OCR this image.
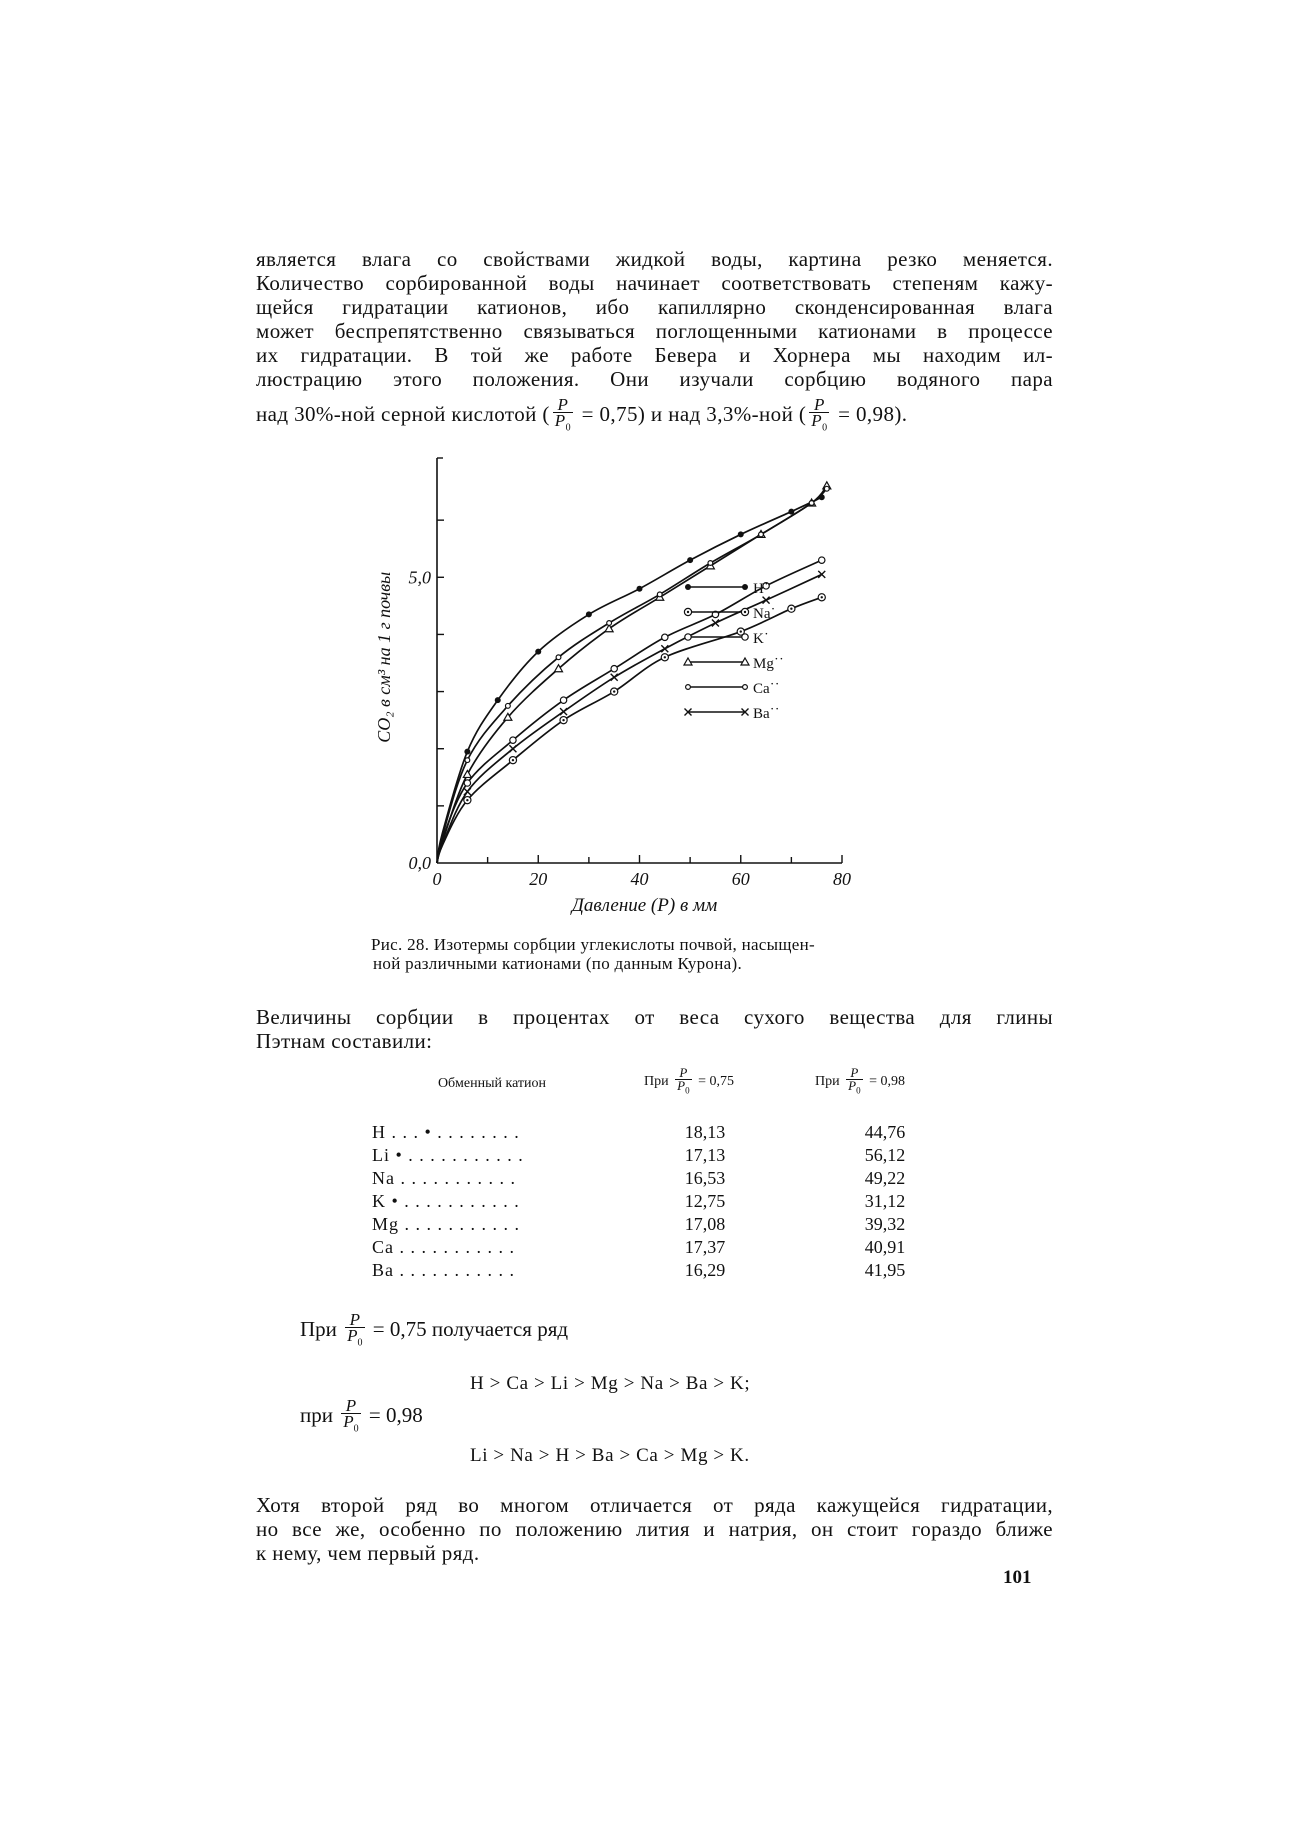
является влага со свойствами жидкой воды, картина резко меняется.
Количество сорбированной воды начинает соответствовать степеням кажу-
щейся гидратации катионов, ибо капиллярно сконденсированная влага
может беспрепятственно связываться поглощенными катионами в процессе
их гидратации. В той же работе Бевера и Хорнера мы находим ил-
люстрацию этого положения. Они изучали сорбцию водяного пара
над 30%-ной серной кислотой ( $\frac{P}{P_0} = 0,75$) и над 3,3%-ной ( $\frac{P}{P_0} = 0,98$).

0	20	40	60	80
0,0
5,0
Давление (P) в мм
CO₂ в см³ на 1 г почвы	H˙
Na˙
K˙
Mg˙˙
Ca˙˙
Ba˙˙

Рис. 28. Изотермы сорбции углекислоты почвой, насыщен-
ной различными катионами (по данным Курона).

Величины сорбции в процентах от веса сухого вещества для глины
Пэтнам составили:

Обменный катион	При $\frac{P}{P_0} = 0,75$	При $\frac{P}{P_0} = 0,98$
H . . . • . . . . . . . .	18,13	44,76
Li • . . . . . . . . . . .	17,13	56,12
Na . . . . . . . . . . .	16,53	49,22
K • . . . . . . . . . . .	12,75	31,12
Mg . . . . . . . . . . .	17,08	39,32
Ca . . . . . . . . . . .	17,37	40,91
Ba . . . . . . . . . . .	16,29	41,95
При $\frac{P}{P_0} = 0,75$ получается ряд
H > Ca > Li > Mg > Na > Ba > K;
при $\frac{P}{P_0} = 0,98$
Li > Na > H > Ba > Ca > Mg > K.

Хотя второй ряд во многом отличается от ряда кажущейся гидратации,
но все же, особенно по положению лития и натрия, он стоит гораздо ближе
к нему, чем первый ряд.

101
